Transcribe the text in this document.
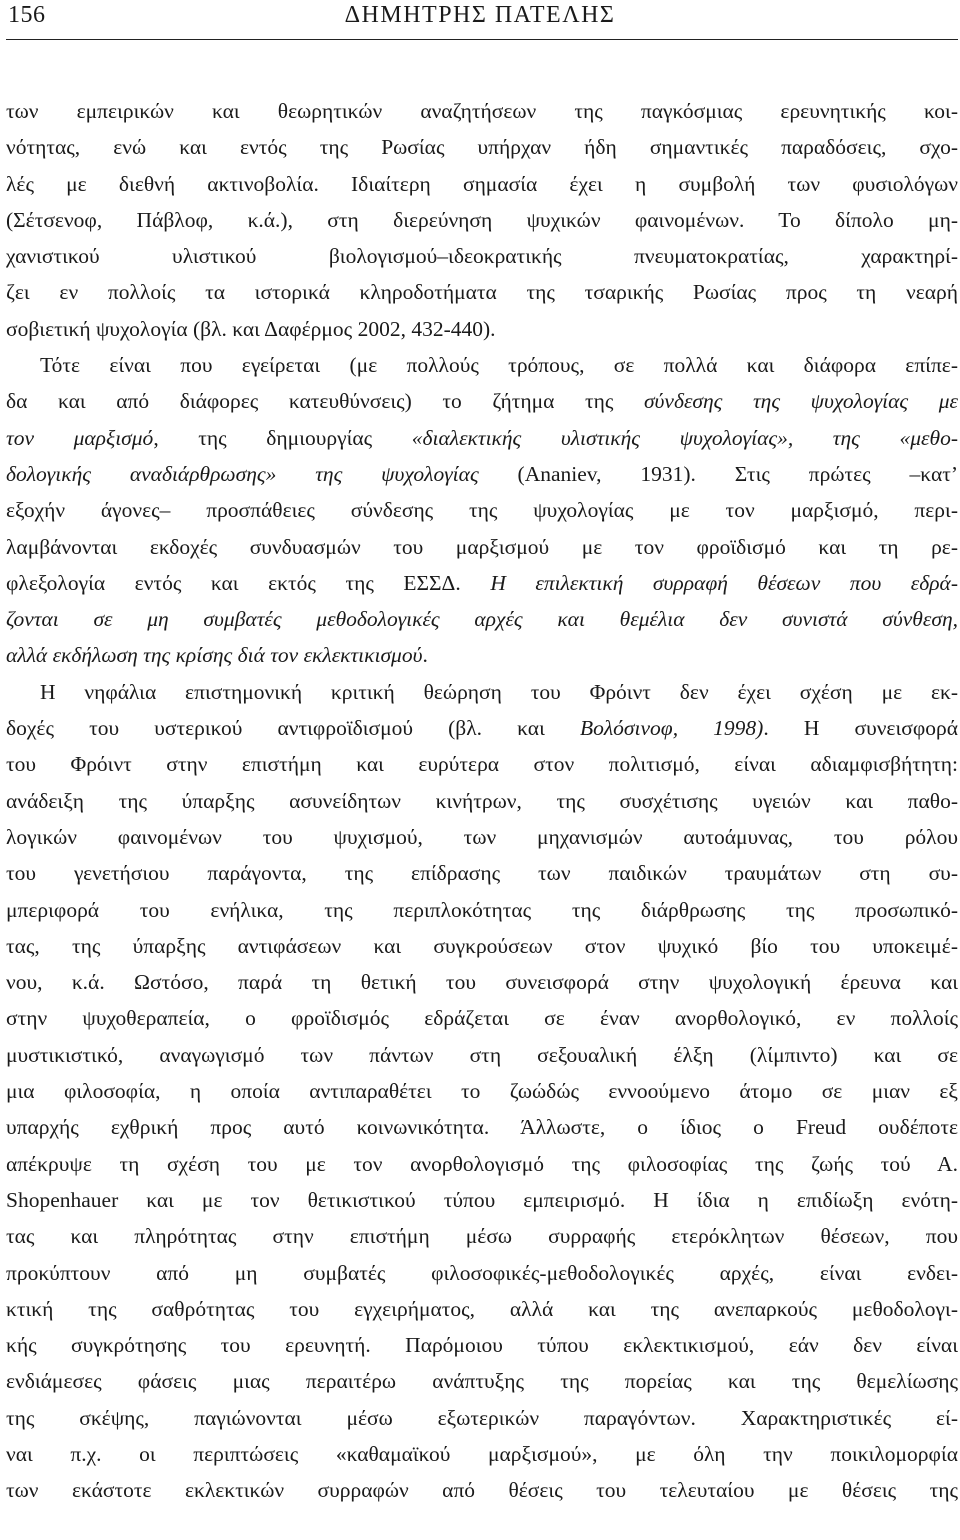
156	ΔΗΜΗΤΡΗΣ ΠΑΤΕΛΗΣ
των εμπειρικών και θεωρητικών αναζητήσεων της παγκόσμιας ερευνητικής κοι-
νότητας, ενώ και εντός της Ρωσίας υπήρχαν ήδη σημαντικές παραδόσεις, σχο-
λές με διεθνή ακτινοβολία. Ιδιαίτερη σημασία έχει η συμβολή των φυσιολόγων
(Σέτσενοφ, Πάβλοφ, κ.ά.), στη διερεύνηση ψυχικών φαινομένων. Το δίπολο μη-
χανιστικού υλιστικού βιολογισμού–ιδεοκρατικής πνευματοκρατίας, χαρακτηρί-
ζει εν πολλοίς τα ιστορικά κληροδοτήματα της τσαρικής Ρωσίας προς τη νεαρή
σοβιετική ψυχολογία (βλ. και Δαφέρμος 2002, 432-440).
Τότε είναι που εγείρεται (με πολλούς τρόπους, σε πολλά και διάφορα επίπε-
δα και από διάφορες κατευθύνσεις) το ζήτημα της σύνδεσης της ψυχολογίας με
τον μαρξισμό, της δημιουργίας «διαλεκτικής υλιστικής ψυχολογίας», της «μεθο-
δολογικής αναδιάρθρωσης» της ψυχολογίας (Ananiev, 1931). Στις πρώτες –κατ’
εξοχήν άγονες– προσπάθειες σύνδεσης της ψυχολογίας με τον μαρξισμό, περι-
λαμβάνονται εκδοχές συνδυασμών του μαρξισμού με τον φροϊδισμό και τη ρε-
φλεξολογία εντός και εκτός της ΕΣΣΔ. Η επιλεκτική συρραφή θέσεων που εδρά-
ζονται σε μη συμβατές μεθοδολογικές αρχές και θεμέλια δεν συνιστά σύνθεση,
αλλά εκδήλωση της κρίσης διά τον εκλεκτικισμού.
Η νηφάλια επιστημονική κριτική θεώρηση του Φρόιντ δεν έχει σχέση με εκ-
δοχές του υστερικού αντιφροϊδισμού (βλ. και Βολόσινοφ, 1998). Η συνεισφορά
του Φρόιντ στην επιστήμη και ευρύτερα στον πολιτισμό, είναι αδιαμφισβήτητη:
ανάδειξη της ύπαρξης ασυνείδητων κινήτρων, της συσχέτισης υγειών και παθο-
λογικών φαινομένων του ψυχισμού, των μηχανισμών αυτοάμυνας, του ρόλου
του γενετήσιου παράγοντα, της επίδρασης των παιδικών τραυμάτων στη συ-
μπεριφορά του ενήλικα, της περιπλοκότητας της διάρθρωσης της προσωπικό-
τας, της ύπαρξης αντιφάσεων και συγκρούσεων στον ψυχικό βίο του υποκειμέ-
νου, κ.ά. Ωστόσο, παρά τη θετική του συνεισφορά στην ψυχολογική έρευνα και
στην ψυχοθεραπεία, ο φροϊδισμός εδράζεται σε έναν ανορθολογικό, εν πολλοίς
μυστικιστικό, αναγωγισμό των πάντων στη σεξουαλική έλξη (λίμπιντο) και σε
μια φιλοσοφία, η οποία αντιπαραθέτει το ζωώδώς εννοούμενο άτομο σε μιαν εξ
υπαρχής εχθρική προς αυτό κοινωνικότητα. Άλλωστε, ο ίδιος ο Freud ουδέποτε
απέκρυψε τη σχέση του με τον ανορθολογισμό της φιλοσοφίας της ζωής τού Α.
Shopenhauer και με τον θετικιστικού τύπου εμπειρισμό. Η ίδια η επιδίωξη ενότη-
τας και πληρότητας στην επιστήμη μέσω συρραφής ετερόκλητων θέσεων, που
προκύπτουν από μη συμβατές φιλοσοφικές-μεθοδολογικές αρχές, είναι ενδει-
κτική της σαθρότητας του εγχειρήματος, αλλά και της ανεπαρκούς μεθοδολογι-
κής συγκρότησης του ερευνητή. Παρόμοιου τύπου εκλεκτικισμού, εάν δεν είναι
ενδιάμεσες φάσεις μιας περαιτέρω ανάπτυξης της πορείας και της θεμελίωσης
της σκέψης, παγιώνονται μέσω εξωτερικών παραγόντων. Χαρακτηριστικές εί-
ναι π.χ. οι περιπτώσεις «καθαμαϊκού μαρξισμού», με όλη την ποικιλομορφία
των εκάστοτε εκλεκτικών συρραφών από θέσεις του τελευταίου με θέσεις της
